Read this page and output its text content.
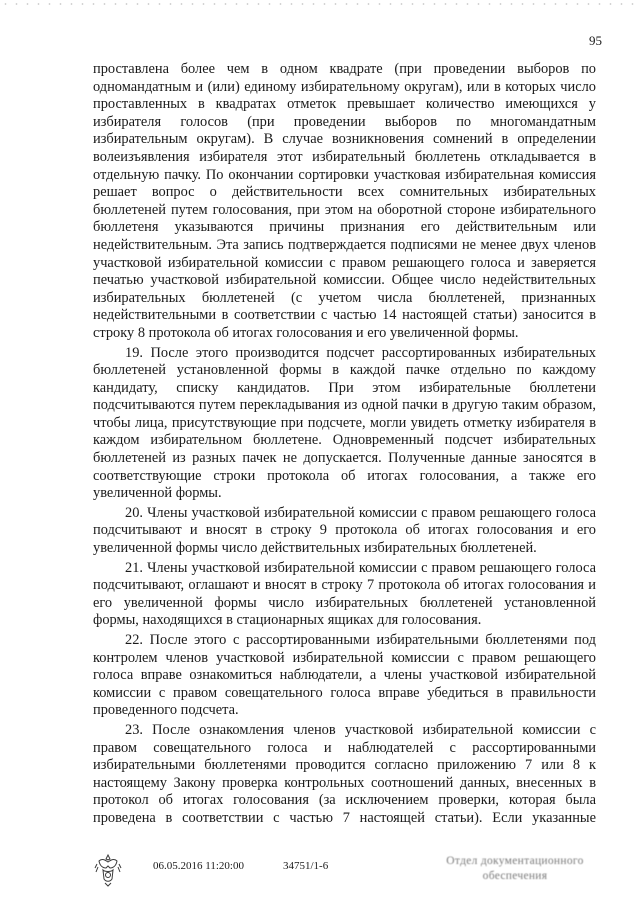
95

проставлена более чем в одном квадрате (при проведении выборов по одномандатным и (или) единому избирательному округам), или в которых число проставленных в квадратах отметок превышает количество имеющихся у избирателя голосов (при проведении выборов по многомандатным избирательным округам). В случае возникновения сомнений в определении волеизъявления избирателя этот избирательный бюллетень откладывается в отдельную пачку. По окончании сортировки участковая избирательная комиссия решает вопрос о действительности всех сомнительных избирательных бюллетеней путем голосования, при этом на оборотной стороне избирательного бюллетеня указываются причины признания его действительным или недействительным. Эта запись подтверждается подписями не менее двух членов участковой избирательной комиссии с правом решающего голоса и заверяется печатью участковой избирательной комиссии. Общее число недействительных избирательных бюллетеней (с учетом числа бюллетеней, признанных недействительными в соответствии с частью 14 настоящей статьи) заносится в строку 8 протокола об итогах голосования и его увеличенной формы.

19. После этого производится подсчет рассортированных избирательных бюллетеней установленной формы в каждой пачке отдельно по каждому кандидату, списку кандидатов. При этом избирательные бюллетени подсчитываются путем перекладывания из одной пачки в другую таким образом, чтобы лица, присутствующие при подсчете, могли увидеть отметку избирателя в каждом избирательном бюллетене. Одновременный подсчет избирательных бюллетеней из разных пачек не допускается. Полученные данные заносятся в соответствующие строки протокола об итогах голосования, а также его увеличенной формы.

20. Члены участковой избирательной комиссии с правом решающего голоса подсчитывают и вносят в строку 9 протокола об итогах голосования и его увеличенной формы число действительных избирательных бюллетеней.

21. Члены участковой избирательной комиссии с правом решающего голоса подсчитывают, оглашают и вносят в строку 7 протокола об итогах голосования и его увеличенной формы число избирательных бюллетеней установленной формы, находящихся в стационарных ящиках для голосования.

22. После этого с рассортированными избирательными бюллетенями под контролем членов участковой избирательной комиссии с правом решающего голоса вправе ознакомиться наблюдатели, а члены участковой избирательной комиссии с правом совещательного голоса вправе убедиться в правильности проведенного подсчета.

23. После ознакомления членов участковой избирательной комиссии с правом совещательного голоса и наблюдателей с рассортированными избирательными бюллетенями проводится согласно приложению 7 или 8 к настоящему Закону проверка контрольных соотношений данных, внесенных в протокол об итогах голосования (за исключением проверки, которая была проведена в соответствии с частью 7 настоящей статьи). Если указанные

06.05.2016 11:20:00	34751/1-6	Отдел документационного
обеспечения
